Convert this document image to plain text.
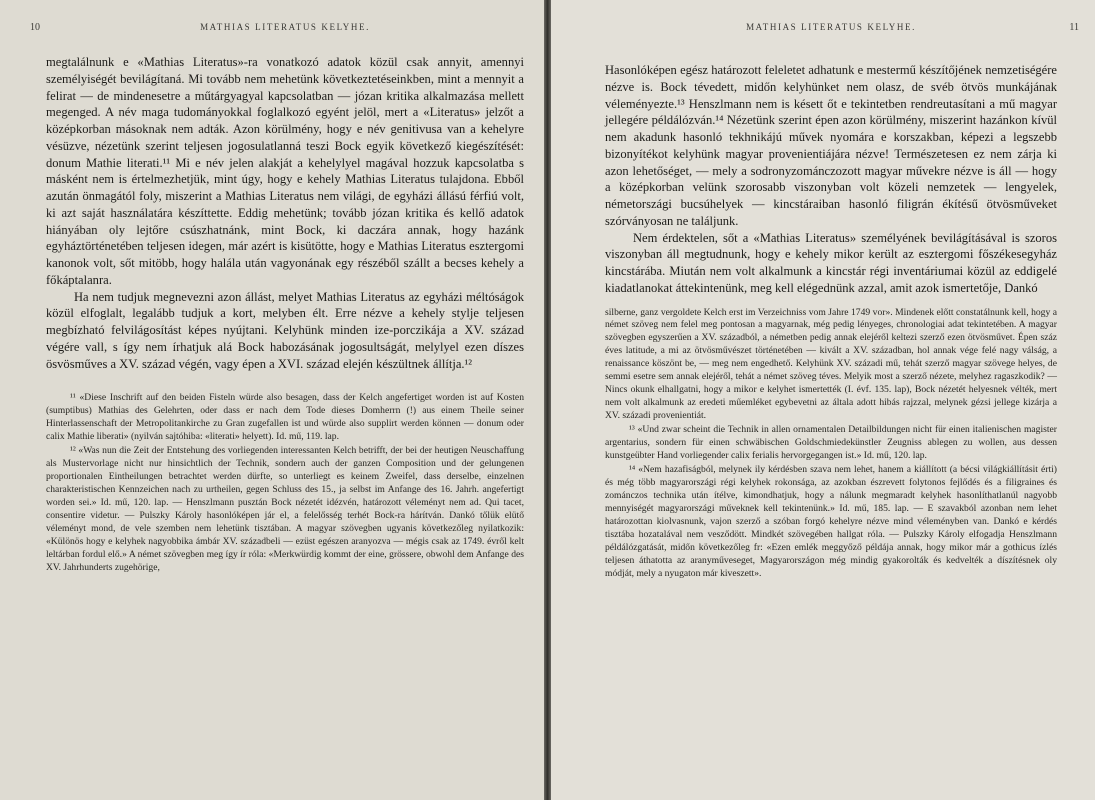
10	MATHIAS LITERATUS KELYHE.

megtalálnunk e «Mathias Literatus»-ra vonatkozó adatok közül csak annyit, amennyi személyiségét bevilágítaná. Mi tovább nem mehetünk következtetéseinkben, mint a mennyit a felirat — de mindenesetre a műtárgyagyal kapcsolatban — józan kritika alkalmazása mellett megenged. A név maga tudományokkal foglalkozó egyént jelöl, mert a «Literatus» jelzőt a középkorban másoknak nem adták. Azon körülmény, hogy e név genitivusa van a kehelyre vésüzve, nézetünk szerint teljesen jogosulatlanná teszi Bock egyik következő kiegészítését: donum Mathie literati.¹¹ Mi e név jelen alakját a kehelylyel magával hozzuk kapcsolatba s másként nem is értelmezhetjük, mint úgy, hogy e kehely Mathias Literatus tulajdona. Ebből azután önmagától foly, miszerint a Mathias Literatus nem világi, de egyházi állású férfiú volt, ki azt saját használatára készíttette. Eddig mehetünk; tovább józan kritika és kellő adatok hiányában oly lejtőre csúszhatnánk, mint Bock, ki daczára annak, hogy hazánk egyháztörténetében teljesen idegen, már azért is kisütötte, hogy e Mathias Literatus esztergomi kanonok volt, sőt mitöbb, hogy halála után vagyonának egy részéből szállt a becses kehely a főkáptalanra.

Ha nem tudjuk megnevezni azon állást, melyet Mathias Literatus az egyházi méltóságok közül elfoglalt, legalább tudjuk a kort, melyben élt. Erre nézve a kehely stylje teljesen megbízható felvilágosítást képes nyújtani. Kelyhünk minden ize-porczikája a XV. század végére vall, s így nem írhatjuk alá Bock habozásának jogosultságát, melylyel ezen díszes ösvösműves a XV. század végén, vagy épen a XVI. század elején készültnek állítja.¹²

¹¹ «Diese Inschrift auf den beiden Fisteln würde also besagen, dass der Kelch angefertiget worden ist auf Kosten (sumptibus) Mathias des Gelehrten, oder dass er nach dem Tode dieses Domherrn (!) aus einem Theile seiner Hinterlassenschaft der Metropolitankirche zu Gran zugefallen ist und würde also supplirt werden können — donum oder calix Mathie liberati» (nyilván sajtóhiba: «literati» helyett). Id. mű, 119. lap.

¹² «Was nun die Zeit der Entstehung des vorliegenden interessanten Kelch betrifft, der bei der heutigen Neuschaffung als Mustervorlage nicht nur hinsichtlich der Technik, sondern auch der ganzen Composition und der gelungenen proportionalen Eintheilungen betrachtet werden dürfte, so unterliegt es keinem Zweifel, dass derselbe, einzelnen charakteristischen Kennzeichen nach zu urtheilen, gegen Schluss des 15., ja selbst im Anfange des 16. Jahrh. angefertigt worden sei.» Id. mű, 120. lap. — Henszlmann pusztán Bock nézetét idézvén, határozott véleményt nem ad. Qui tacet, consentire videtur. — Pulszky Károly hasonlóképen jár el, a felelősség terhét Bock-ra hárítván. Dankó tőlük elütő véleményt mond, de vele szemben nem lehetünk tisztában. A magyar szövegben ugyanis következőleg nyilatkozik: «Különös hogy e kelyhek nagyobbika ámbár XV. századbeli — ezüst egészen aranyozva — mégis csak az 1749. évről kelt leltárban fordul elő.» A német szövegben meg így ír róla: «Merkwürdig kommt der eine, grössere, obwohl dem Anfange des XV. Jahrhunderts zugehörige,

MATHIAS LITERATUS KELYHE.	11

Hasonlóképen egész határozott feleletet adhatunk e mestermű készítőjének nemzetiségére nézve is. Bock tévedett, midőn kelyhünket nem olasz, de svéb ötvös munkájának véleményezte.¹³ Henszlmann nem is késett őt e tekintetben rendreutasítani a mű magyar jellegére példálózván.¹⁴ Nézetünk szerint épen azon körülmény, miszerint hazánkon kívül nem akadunk hasonló tekhnikájú művek nyomára e korszakban, képezi a legszebb bizonyítékot kelyhünk magyar provenientiájára nézve! Természetesen ez nem zárja ki azon lehetőséget, — mely a sodronyzománczozott magyar művekre nézve is áll — hogy a középkorban velünk szorosabb viszonyban volt közeli nemzetek — lengyelek, németországi bucsúhelyek — kincstáraiban hasonló filigrán ékítésű ötvösműveket szórványosan ne találjunk.

Nem érdektelen, sőt a «Mathias Literatus» személyének bevilágításával is szoros viszonyban áll megtudnunk, hogy e kehely mikor került az esztergomi főszékesegyház kincstárába. Miután nem volt alkalmunk a kincstár régi inventáriumai közül az eddigelé kiadatlanokat áttekintenünk, meg kell elégednünk azzal, amit azok ismertetője, Dankó

silberne, ganz vergoldete Kelch erst im Verzeichniss vom Jahre 1749 vor». Mindenek előtt constatálnunk kell, hogy a német szöveg nem felel meg pontosan a magyarnak, még pedig lényeges, chronologiai adat tekintetében. A magyar szövegben egyszerűen a XV. századból, a németben pedig annak elejéről keltezi szerző ezen ötvösművet. Épen száz éves latitude, a mi az ötvösművészet történetében — kivált a XV. században, hol annak vége felé nagy válság, a renaissance köszönt be, — meg nem engedhető. Kelyhünk XV. századi mű, tehát szerző magyar szövege helyes, de semmi esetre sem annak elejéről, tehát a német szöveg téves. Melyik most a szerző nézete, melyhez ragaszkodik? — Nincs okunk elhallgatni, hogy a mikor e kelyhet ismertették (I. évf. 135. lap), Bock nézetét helyesnek vélték, mert nem volt alkalmunk az eredeti műemléket egybevetni az általa adott hibás rajzzal, melynek gézsi jellege kizárja a XV. századi provenientiát.

¹³ «Und zwar scheint die Technik in allen ornamentalen Detailbildungen nicht für einen italienischen magister argentarius, sondern für einen schwäbischen Goldschmiedekünstler Zeugniss ablegen zu wollen, aus dessen kunstgeübter Hand vorliegender calix ferialis hervorgegangen ist.» Id. mű, 120. lap.

¹⁴ «Nem hazafiságból, melynek ily kérdésben szava nem lehet, hanem a kiállított (a bécsi világkiállításit érti) és még több magyarországi régi kelyhek rokonsága, az azokban észrevett folytonos fejlődés és a filigraines és zománczos technika után ítélve, kimondhatjuk, hogy a nálunk megmaradt kelyhek hasonlíthatlanúl nagyobb mennyiségét magyarországi műveknek kell tekintenünk.» Id. mű, 185. lap. — E szavakból azonban nem lehet határozottan kiolvasnunk, vajon szerző a szóban forgó kehelyre nézve mind véleményben van. Dankó e kérdés tisztába hozatalával nem vesződött. Mindkét szövegében hallgat róla. — Pulszky Károly elfogadja Henszlmann példálózgatását, midőn következőleg fr: «Ezen emlék meggyőző példája annak, hogy mikor már a gothicus ízlés teljesen áthatotta az aranyműveseget, Magyarországon még mindig gyakorolták és kedvelték a díszítésnek oly módját, mely a nyugaton már kiveszett».
